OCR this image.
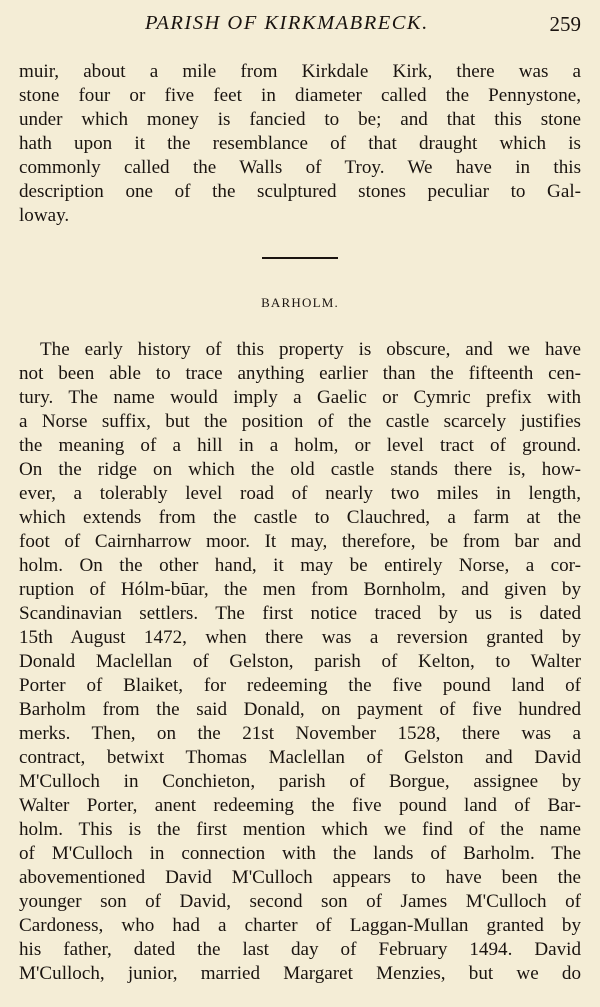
PARISH OF KIRKMABRECK.	259

muir, about a mile from Kirkdale Kirk, there was a
stone four or five feet in diameter called the Pennystone,
under which money is fancied to be; and that this stone
hath upon it the resemblance of that draught which is
commonly called the Walls of Troy. We have in this
description one of the sculptured stones peculiar to Gal-
loway.

BARHOLM.

The early history of this property is obscure, and we have
not been able to trace anything earlier than the fifteenth cen-
tury. The name would imply a Gaelic or Cymric prefix with
a Norse suffix, but the position of the castle scarcely justifies
the meaning of a hill in a holm, or level tract of ground.
On the ridge on which the old castle stands there is, how-
ever, a tolerably level road of nearly two miles in length,
which extends from the castle to Clauchred, a farm at the
foot of Cairnharrow moor. It may, therefore, be from bar and
holm. On the other hand, it may be entirely Norse, a cor-
ruption of Hólm-būar, the men from Bornholm, and given by
Scandinavian settlers. The first notice traced by us is dated
15th August 1472, when there was a reversion granted by
Donald Maclellan of Gelston, parish of Kelton, to Walter
Porter of Blaiket, for redeeming the five pound land of
Barholm from the said Donald, on payment of five hundred
merks. Then, on the 21st November 1528, there was a
contract, betwixt Thomas Maclellan of Gelston and David
M'Culloch in Conchieton, parish of Borgue, assignee by
Walter Porter, anent redeeming the five pound land of Bar-
holm. This is the first mention which we find of the name
of M'Culloch in connection with the lands of Barholm. The
abovementioned David M'Culloch appears to have been the
younger son of David, second son of James M'Culloch of
Cardoness, who had a charter of Laggan-Mullan granted by
his father, dated the last day of February 1494. David
M'Culloch, junior, married Margaret Menzies, but we do
